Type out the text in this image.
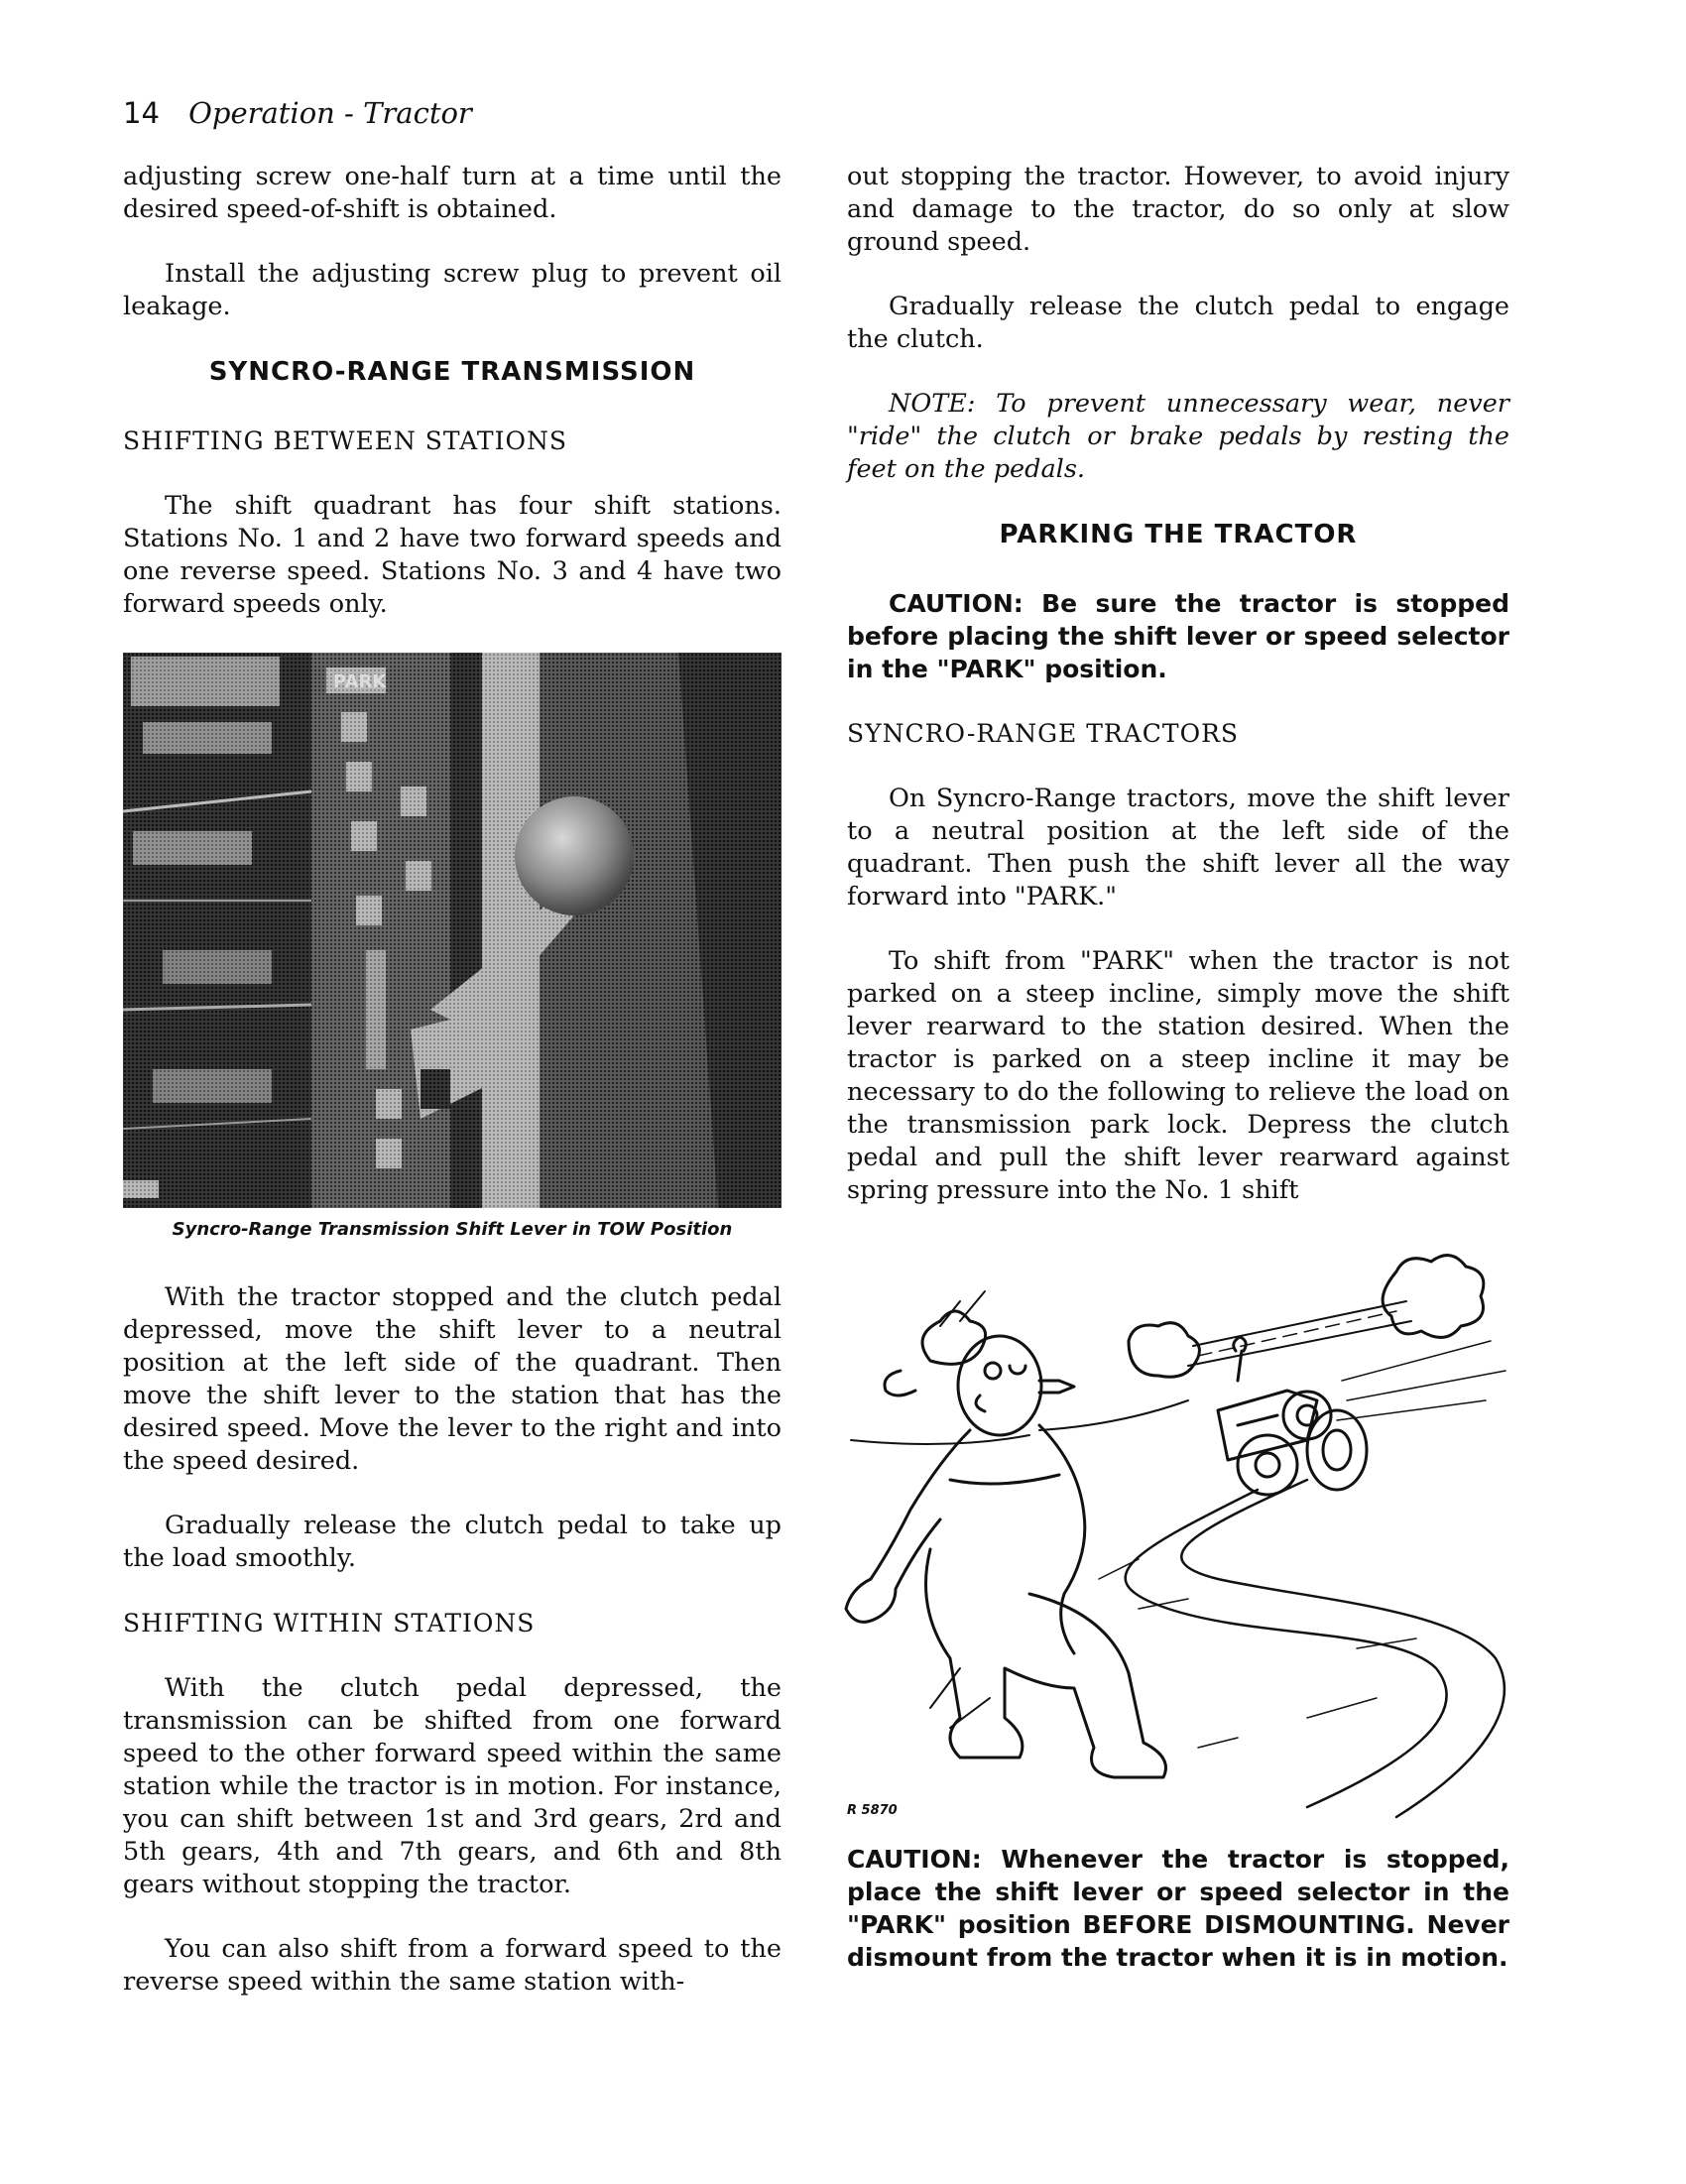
14 Operation - Tractor

adjusting screw one-half turn at a time until the desired speed-of-shift is obtained.

Install the adjusting screw plug to prevent oil leakage.

SYNCRO-RANGE TRANSMISSION
SHIFTING BETWEEN STATIONS

The shift quadrant has four shift stations. Stations No. 1 and 2 have two forward speeds and one reverse speed. Stations No. 3 and 4 have two forward speeds only.

PARK
Syncro-Range Transmission Shift Lever in TOW Position

With the tractor stopped and the clutch pedal depressed, move the shift lever to a neutral position at the left side of the quadrant. Then move the shift lever to the station that has the desired speed. Move the lever to the right and into the speed desired.

Gradually release the clutch pedal to take up the load smoothly.

SHIFTING WITHIN STATIONS

With the clutch pedal depressed, the transmission can be shifted from one forward speed to the other forward speed within the same station while the tractor is in motion. For instance, you can shift between 1st and 3rd gears, 2rd and 5th gears, 4th and 7th gears, and 6th and 8th gears without stopping the tractor.

You can also shift from a forward speed to the reverse speed within the same station with-

out stopping the tractor. However, to avoid injury and damage to the tractor, do so only at slow ground speed.

Gradually release the clutch pedal to engage the clutch.

NOTE: To prevent unnecessary wear, never "ride" the clutch or brake pedals by resting the feet on the pedals.

PARKING THE TRACTOR
CAUTION: Be sure the tractor is stopped before placing the shift lever or speed selector in the "PARK" position.
SYNCRO-RANGE TRACTORS

On Syncro-Range tractors, move the shift lever to a neutral position at the left side of the quadrant. Then push the shift lever all the way forward into "PARK."

To shift from "PARK" when the tractor is not parked on a steep incline, simply move the shift lever rearward to the station desired. When the tractor is parked on a steep incline it may be necessary to do the following to relieve the load on the transmission park lock. Depress the clutch pedal and pull the shift lever rearward against spring pressure into the No. 1 shift

R 5870
CAUTION: Whenever the tractor is stopped, place the shift lever or speed selector in the "PARK" position BEFORE DISMOUNTING. Never dismount from the tractor when it is in motion.
